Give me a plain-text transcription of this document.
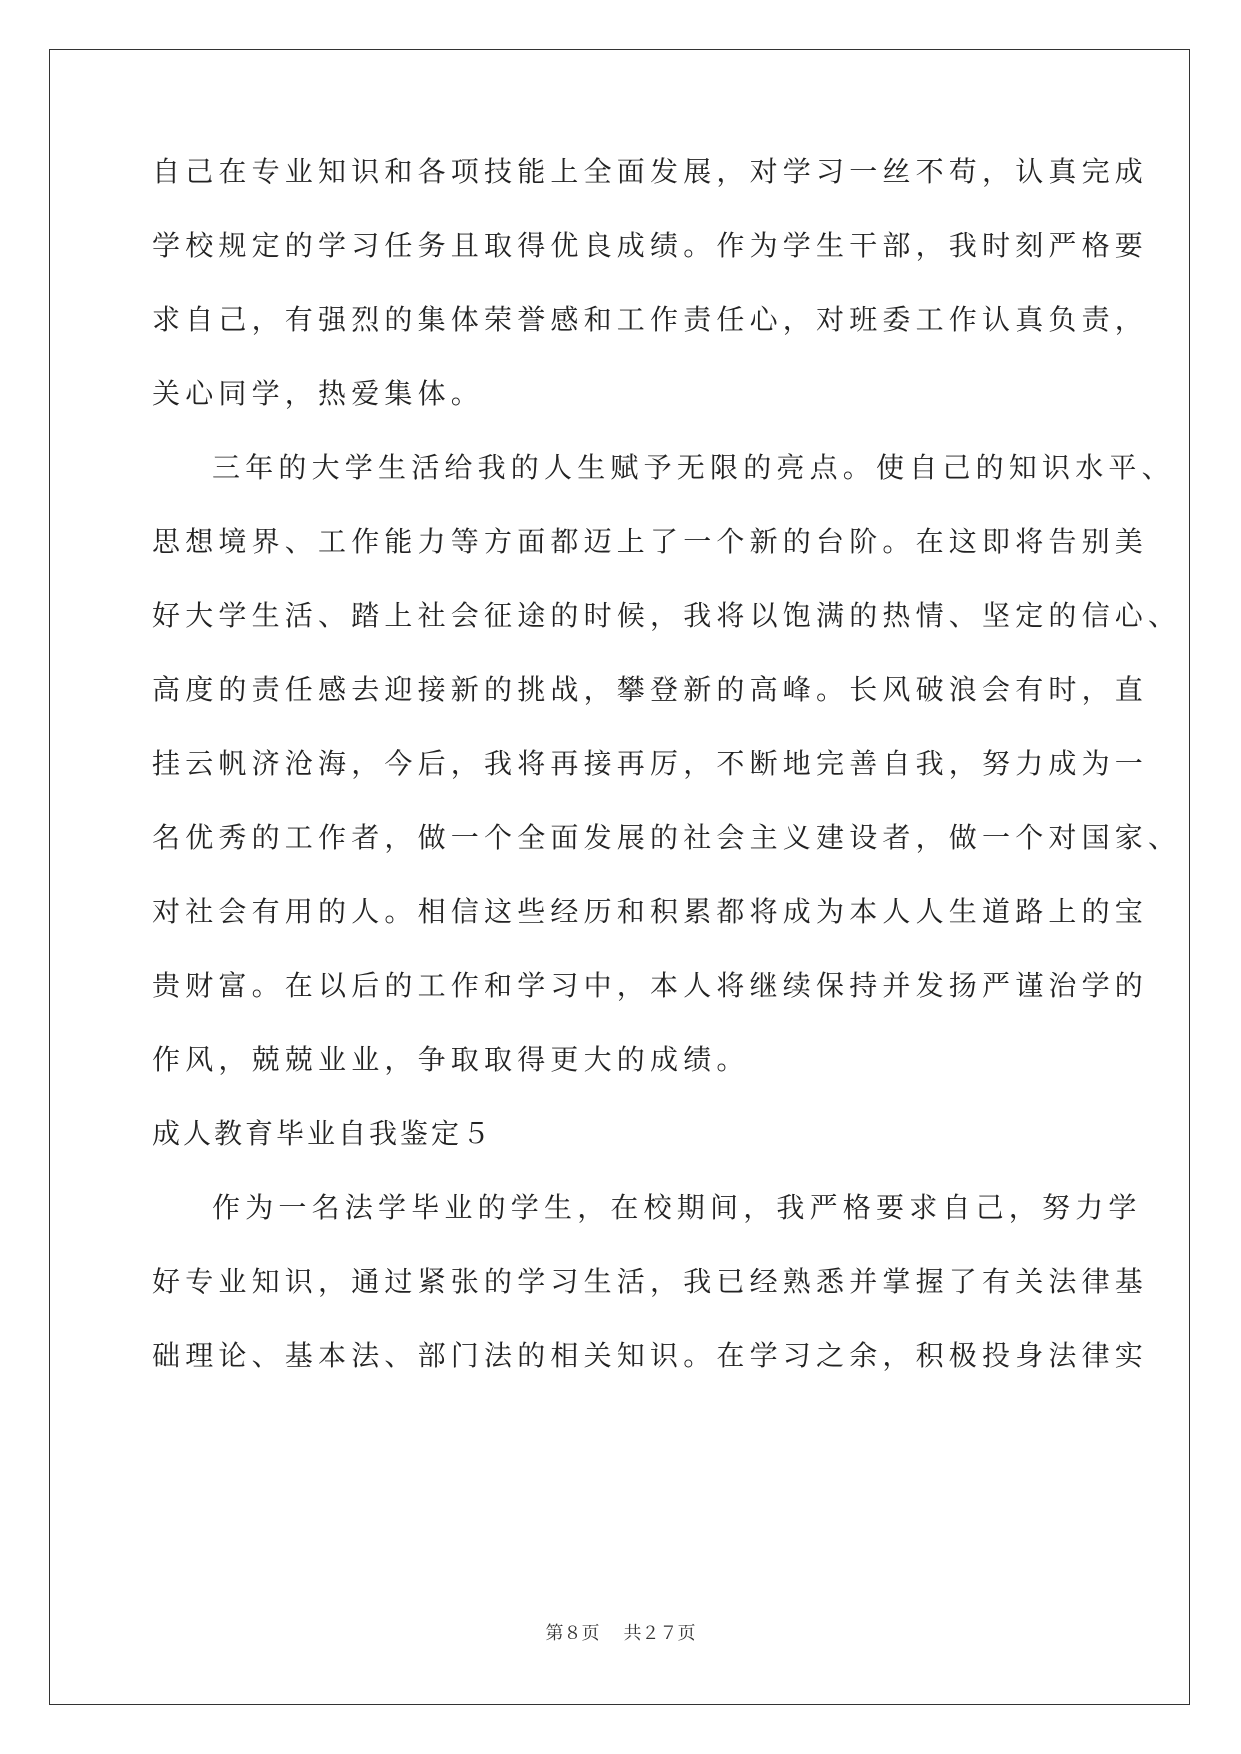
自己在专业知识和各项技能上全面发展，对学习一丝不苟，认真完成
学校规定的学习任务且取得优良成绩。作为学生干部，我时刻严格要
求自己，有强烈的集体荣誉感和工作责任心，对班委工作认真负责，
关心同学，热爱集体。
三年的大学生活给我的人生赋予无限的亮点。使自己的知识水平、
思想境界、工作能力等方面都迈上了一个新的台阶。在这即将告别美
好大学生活、踏上社会征途的时候，我将以饱满的热情、坚定的信心、
高度的责任感去迎接新的挑战，攀登新的高峰。长风破浪会有时，直
挂云帆济沧海，今后，我将再接再厉，不断地完善自我，努力成为一
名优秀的工作者，做一个全面发展的社会主义建设者，做一个对国家、
对社会有用的人。相信这些经历和积累都将成为本人人生道路上的宝
贵财富。在以后的工作和学习中，本人将继续保持并发扬严谨治学的
作风，兢兢业业，争取取得更大的成绩。
成人教育毕业自我鉴定５
作为一名法学毕业的学生，在校期间，我严格要求自己，努力学
好专业知识，通过紧张的学习生活，我已经熟悉并掌握了有关法律基
础理论、基本法、部门法的相关知识。在学习之余，积极投身法律实
第８页 共２７页
